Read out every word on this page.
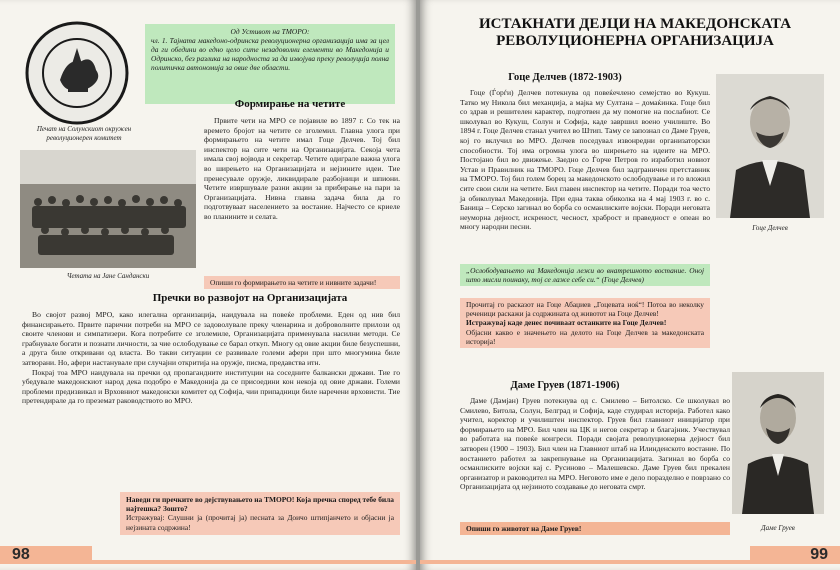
Печат на Солунскиот окружен револуционерен комитет
Од Устивот на ТМОРО:
чл. 1. Тајната македоно-одринска револуционерна организација има за цел да ги обедини во едно цело сите незадоволни елементи во Македонија и Одринско, без разлика на народноста за да извојува преку револуција полна политичка автономија за овие две области.
Формирање на четите
Четата на Јане Сандански
Првите чети на МРО се појавиле во 1897 г. Со тек на времето бројот на четите се зголемил. Главна улога при формирањето на четите имал Гоце Делчев. Тој бил инспектор на сите чети на Организацијата. Секоја чета имала свој војвода и секретар. Четите одиграле важна улога во ширењето на Организацијата и нејзините идеи. Тие пренесувале оружје, ликвидирале разбојници и шпиони. Четите извршувале разни акции за прибирање на пари за Организацијата. Нивна главна задача била да го подготвуваат населението за востание. Најчесто се криеле во планините и селата.
Опиши го формирањето на четите и нивните задачи!
Пречки во развојот на Организацијата

Во својот развој МРО, како илегална организација, наидувала на повеќе проблеми. Еден од нив бил финансирањето. Првите парични потреби на МРО се задоволувале преку членарина и доброволните прилози од своите членови и симпатизери. Кога потребите се зголемиле, Организацијата применувала насилни методи. Се грабнувале богати и познати личности, за чие ослободување се барал откуп. Многу од овие акции биле безуспешни, а друга биле откривани од власта. Во такви ситуации се развивале големи афери при што многумина биле затворани. Но, афери настанувале при случајни откритија на оружје, писма, предавства итн.

Покрај тоа МРО наидувала на пречки од пропагандните институции на соседните балкански држави. Тие го убедувале македонскиот народ дека подобро е Македонија да се присоедини кон некоја од овие држави. Големи проблеми предизвикал и Врховниот македонски комитет од Софија, чии припадници биле наречени врховисти. Тие претендирале да го преземат раководството во МРО.

Наведи ги пречките во дејствувањето на ТМОРО! Која пречка според тебе била најтешка? Зошто?

Истражувај: Слушни ја (прочитај ја) песната за Доичо штипјанчето и објасни ја нејзината содржина!

98
ИСТАКНАТИ ДЕЈЦИ НА МАКЕДОНСКАТА
РЕВОЛУЦИОНЕРНА ОРГАНИЗАЦИЈА
Гоце Делчев (1872-1903)
Гоце (Ѓорѓи) Делчев потекнува од повеќечлено семејство во Кукуш. Татко му Никола бил механџија, а мајка му Султана – домаќинка. Гоце бил со здрав и решителен карактер, подготвен да му помогне на послабиот. Се школувал во Кукуш, Солун и Софија, каде завршил воено училиште. Во 1894 г. Гоце Делчев станал учител во Штип. Таму се запознал со Даме Груев, кој го вклучил во МРО. Делчев поседувал извонредни организаторски способности. Тој има огромна улога во ширењето на идеите на МРО. Постојано бил во движење. Заедно со Ѓорче Петров го изработил новиот Устав и Правилник на ТМОРО. Гоце Делчев бил задграничен претставник на ТМОРО. Тој бил голем борец за македонското ослободување и го вложил сите свои сили на четите. Бил главен инспектор на четите. Поради тоа често ја обиколувал Македонија. При една таква обиколка на 4 мај 1903 г. во с. Баница – Серско загинал во борба со османлиските војски. Поради неговата неуморна дејност, искреност, чесност, храброст и праведност е опеан во многу народни песни.	Гоце Делчев
„Ослободувањето на Македонија лежи во внатрешното востание. Оној што мисли поинаку, тој се лаже себе си.“ (Гоце Делчев)

Прочитај го расказот на Гоце Абаџиев „Гоцевата ноќ“! Потоа во неколку реченици раскажи ја содржината од животот на Гоце Делчев!

Истражувај каде денес почиваат останките на Гоце Делчев!

Објасни какво е значењето на делото на Гоце Делчев за македонската историја!

Даме Груев (1871-1906)
Даме (Дамјан) Груев потекнува од с. Смилево – Битолско. Се школувал во Смилево, Битола, Солун, Белград и Софија, каде студирал историја. Работел како учител, коректор и училиштен инспектор. Груев бил главниот иницијатор при формирањето на МРО. Бил член на ЦК и негов секретар и благајник. Учествувал во работата на повеќе конгреси. Поради својата револуционерна дејност бил затворен (1900 – 1903). Бил член на Главниот штаб на Илинденското востание. По востанието работел за закрепнување на Организацијата. Загинал во борба со османлиските војски кај с. Русиново – Малешевско. Даме Груев бил прекален организатор и раководител на МРО. Неговото име е дело поразделно е поврзано со Организацијата од нејзиното создавање до неговата смрт.
Даме Груев
Опиши го животот на Даме Груев!
99
